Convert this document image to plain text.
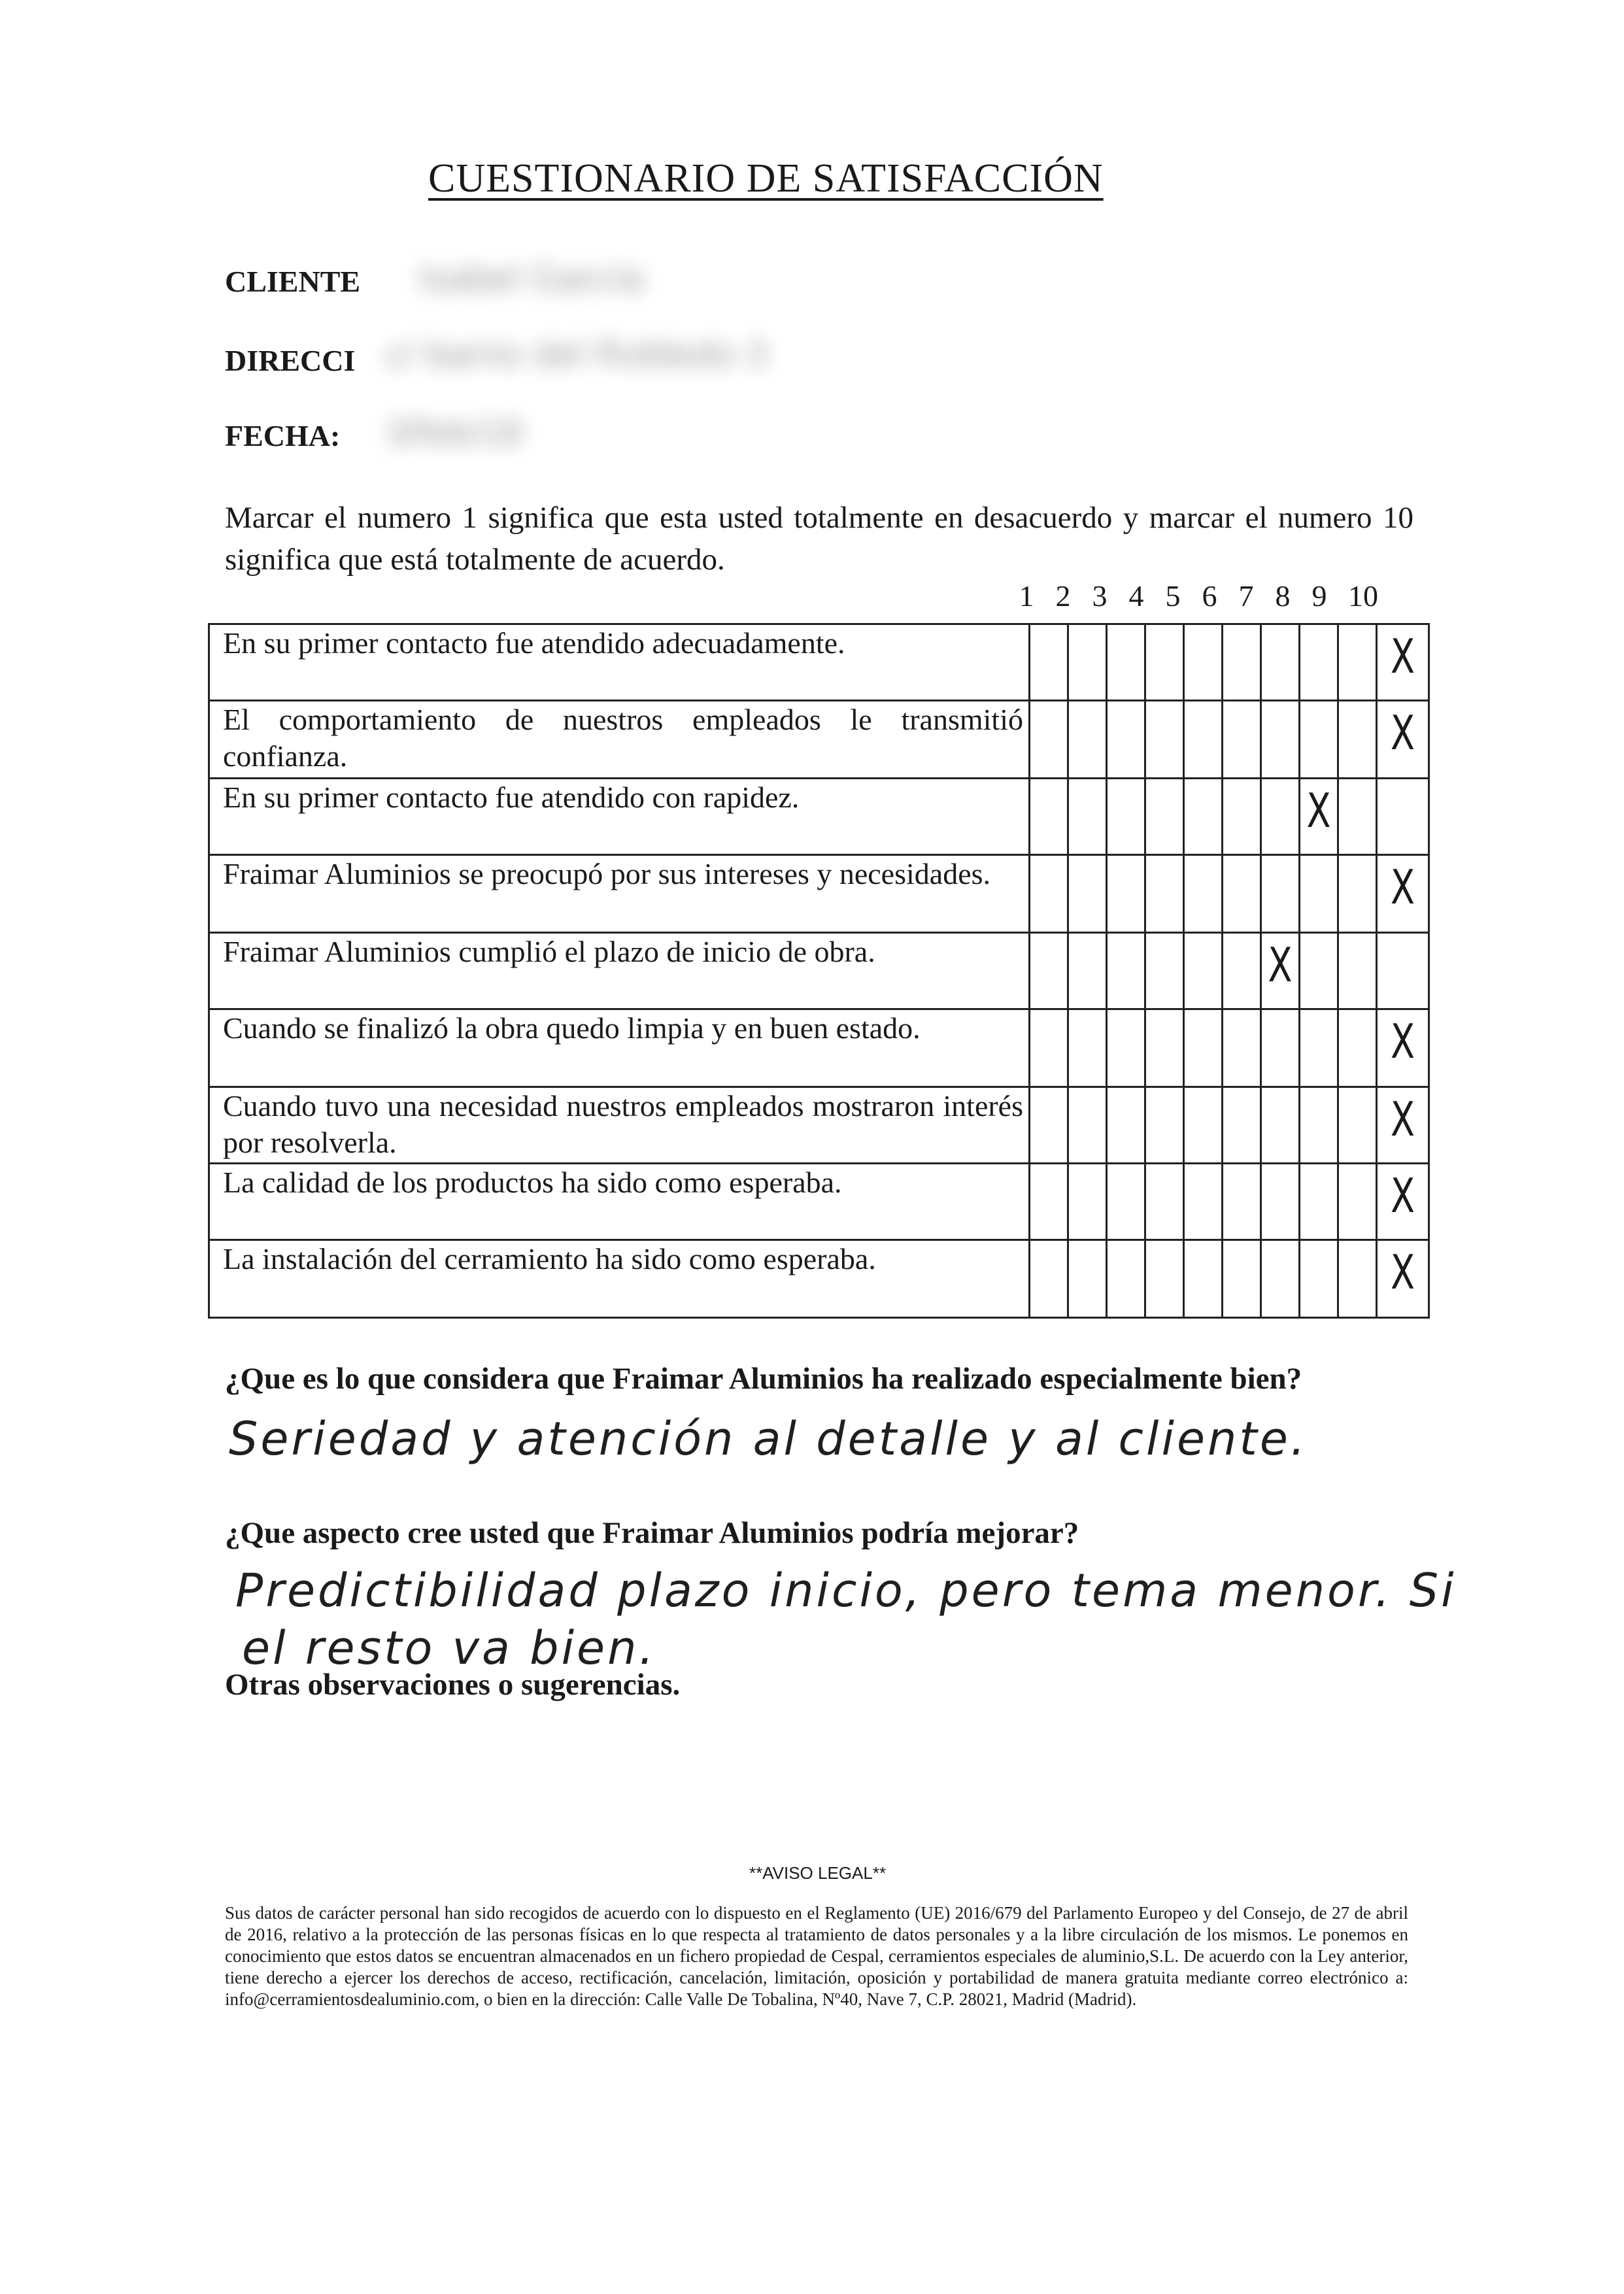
CUESTIONARIO DE SATISFACCIÓN
CLIENTE Isabel García
DIRECCI c/ barrio del Robledo 3
FECHA: 3/feb/18
Marcar el numero 1 significa que esta usted totalmente en desacuerdo y marcar el numero 10 significa que está totalmente de acuerdo.
1 2 3 4 5 6 7 8 9 10
En su primer contacto fue atendido adecuadamente.										X

El comportamiento de nuestros empleados le transmitió confianza.										X

En su primer contacto fue atendido con rapidez.								X		

Fraimar Aluminios se preocupó por sus intereses y necesidades.										X

Fraimar Aluminios cumplió el plazo de inicio de obra.							X			

Cuando se finalizó la obra quedo limpia y en buen estado.										X

Cuando tuvo una necesidad nuestros empleados mostraron interés por resolverla.										X

La calidad de los productos ha sido como esperaba.										X

La instalación del cerramiento ha sido como esperaba.										X
¿Que es lo que considera que Fraimar Aluminios ha realizado especialmente bien?
Seriedad y atención al detalle y al cliente.
¿Que aspecto cree usted que Fraimar Aluminios podría mejorar?
Predictibilidad plazo inicio, pero tema menor. Si
el resto va bien.
Otras observaciones o sugerencias.
**AVISO LEGAL**
Sus datos de carácter personal han sido recogidos de acuerdo con lo dispuesto en el Reglamento (UE) 2016/679 del Parlamento Europeo y del Consejo, de 27 de abril de 2016, relativo a la protección de las personas físicas en lo que respecta al tratamiento de datos personales y a la libre circulación de los mismos. Le ponemos en conocimiento que estos datos se encuentran almacenados en un fichero propiedad de Cespal, cerramientos especiales de aluminio,S.L. De acuerdo con la Ley anterior, tiene derecho a ejercer los derechos de acceso, rectificación, cancelación, limitación, oposición y portabilidad de manera gratuita mediante correo electrónico a: info@cerramientosdealuminio.com, o bien en la dirección: Calle Valle De Tobalina, Nº40, Nave 7, C.P. 28021, Madrid (Madrid).
